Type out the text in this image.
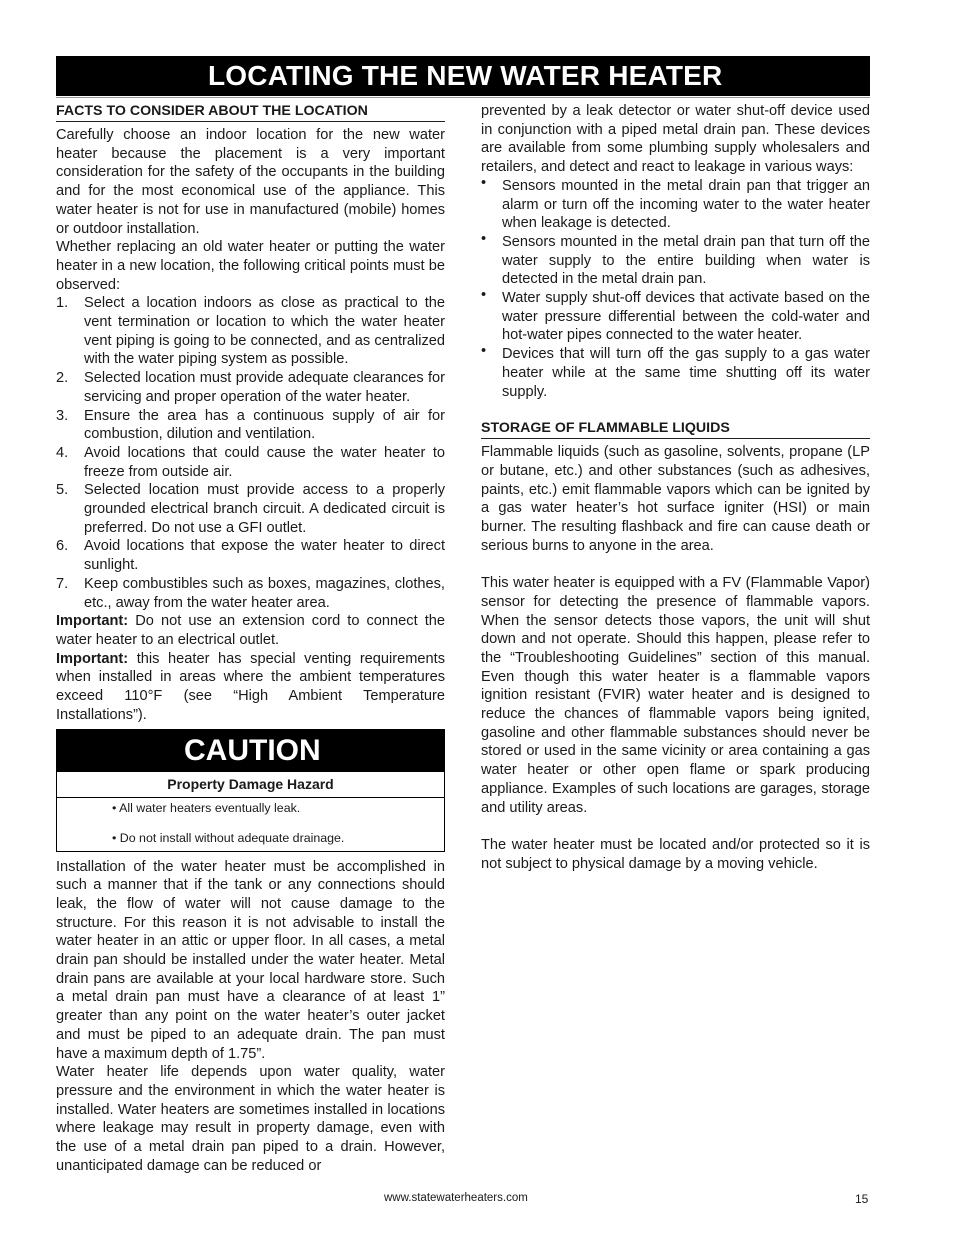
LOCATING THE NEW WATER HEATER
FACTS TO CONSIDER ABOUT THE LOCATION

Carefully choose an indoor location for the new water heater because the placement is a very important consideration for the safety of the occupants in the building and for the most economical use of the appliance. This water heater is not for use in manufactured (mobile) homes or outdoor installation.

Whether replacing an old water heater or putting the water heater in a new location, the following critical points must be observed:

1. Select a location indoors as close as practical to the vent termination or location to which the water heater vent piping is going to be connected, and as centralized with the water piping system as possible.
2. Selected location must provide adequate clearances for servicing and proper operation of the water heater.
3. Ensure the area has a continuous supply of air for combustion, dilution and ventilation.
4. Avoid locations that could cause the water heater to freeze from outside air.
5. Selected location must provide access to a properly grounded electrical branch circuit. A dedicated circuit is preferred. Do not use a GFI outlet.
6. Avoid locations that expose the water heater to direct sunlight.
7. Keep combustibles such as boxes, magazines, clothes, etc., away from the water heater area.

Important: Do not use an extension cord to connect the water heater to an electrical outlet.

Important: this heater has special venting requirements when installed in areas where the ambient temperatures exceed 110°F (see “High Ambient Temperature Installations”).

CAUTION
Property Damage Hazard
• All water heaters eventually leak.
• Do not install without adequate drainage.

Installation of the water heater must be accomplished in such a manner that if the tank or any connections should leak, the flow of water will not cause damage to the structure. For this reason it is not advisable to install the water heater in an attic or upper floor. In all cases, a metal drain pan should be installed under the water heater. Metal drain pans are available at your local hardware store. Such a metal drain pan must have a clearance of at least 1” greater than any point on the water heater’s outer jacket and must be piped to an adequate drain. The pan must have a maximum depth of 1.75”.

Water heater life depends upon water quality, water pressure and the environment in which the water heater is installed. Water heaters are sometimes installed in locations where leakage may result in property damage, even with the use of a metal drain pan piped to a drain. However, unanticipated damage can be reduced or

prevented by a leak detector or water shut-off device used in conjunction with a piped metal drain pan. These devices are available from some plumbing supply wholesalers and retailers, and detect and react to leakage in various ways:

• Sensors mounted in the metal drain pan that trigger an alarm or turn off the incoming water to the water heater when leakage is detected.
• Sensors mounted in the metal drain pan that turn off the water supply to the entire building when water is detected in the metal drain pan.
• Water supply shut-off devices that activate based on the water pressure differential between the cold-water and hot-water pipes connected to the water heater.
• Devices that will turn off the gas supply to a gas water heater while at the same time shutting off its water supply.
STORAGE OF FLAMMABLE LIQUIDS

Flammable liquids (such as gasoline, solvents, propane (LP or butane, etc.) and other substances (such as adhesives, paints, etc.) emit flammable vapors which can be ignited by a gas water heater’s hot surface igniter (HSI) or main burner. The resulting flashback and fire can cause death or serious burns to anyone in the area.

This water heater is equipped with a FV (Flammable Vapor) sensor for detecting the presence of flammable vapors. When the sensor detects those vapors, the unit will shut down and not operate. Should this happen, please refer to the “Troubleshooting Guidelines” section of this manual. Even though this water heater is a flammable vapors ignition resistant (FVIR) water heater and is designed to reduce the chances of flammable vapors being ignited, gasoline and other flammable substances should never be stored or used in the same vicinity or area containing a gas water heater or other open flame or spark producing appliance. Examples of such locations are garages, storage and utility areas.

The water heater must be located and/or protected so it is not subject to physical damage by a moving vehicle.

www.statewaterheaters.com	15
